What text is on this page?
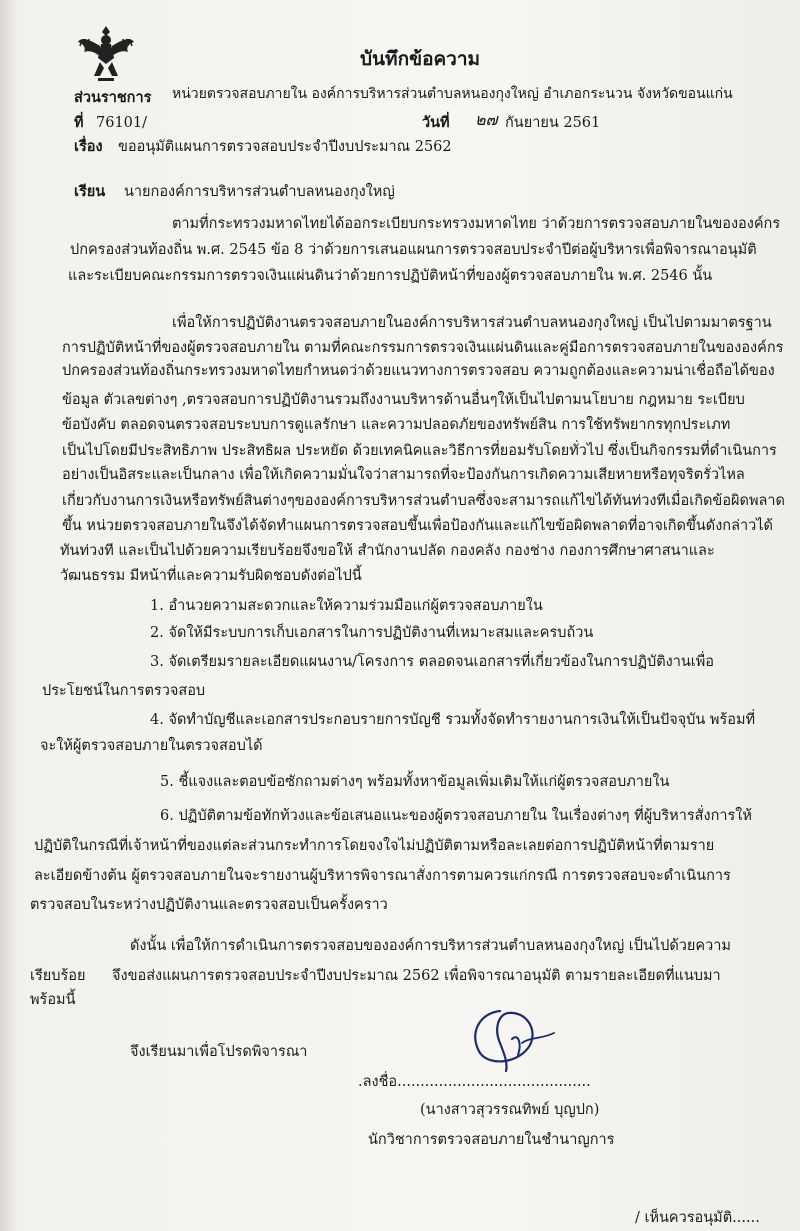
บันทึกข้อความ
ส่วนราชการ หน่วยตรวจสอบภายใน องค์การบริหารส่วนตำบลหนองกุงใหญ่ อำเภอกระนวน จังหวัดขอนแก่น
ที่ 76101/	วันที่ ๒๗ กันยายน 2561
เรื่อง ขออนุมัติแผนการตรวจสอบประจำปีงบประมาณ 2562
เรียน นายกองค์การบริหารส่วนตำบลหนองกุงใหญ่
ตามที่กระทรวงมหาดไทยได้ออกระเบียบกระทรวงมหาดไทย ว่าด้วยการตรวจสอบภายในขององค์กร
ปกครองส่วนท้องถิ่น พ.ศ. 2545 ข้อ 8 ว่าด้วยการเสนอแผนการตรวจสอบประจำปีต่อผู้บริหารเพื่อพิจารณาอนุมัติ
และระเบียบคณะกรรมการตรวจเงินแผ่นดินว่าด้วยการปฏิบัติหน้าที่ของผู้ตรวจสอบภายใน พ.ศ. 2546 นั้น
เพื่อให้การปฏิบัติงานตรวจสอบภายในองค์การบริหารส่วนตำบลหนองกุงใหญ่ เป็นไปตามมาตรฐาน
การปฏิบัติหน้าที่ของผู้ตรวจสอบภายใน ตามที่คณะกรรมการตรวจเงินแผ่นดินและคู่มือการตรวจสอบภายในขององค์กร
ปกครองส่วนท้องถิ่นกระทรวงมหาดไทยกำหนดว่าด้วยแนวทางการตรวจสอบ ความถูกต้องและความน่าเชื่อถือได้ของ
ข้อมูล ตัวเลขต่างๆ ,ตรวจสอบการปฏิบัติงานรวมถึงงานบริหารด้านอื่นๆให้เป็นไปตามนโยบาย กฎหมาย ระเบียบ
ข้อบังคับ ตลอดจนตรวจสอบระบบการดูแลรักษา และความปลอดภัยของทรัพย์สิน การใช้ทรัพยากรทุกประเภท
เป็นไปโดยมีประสิทธิภาพ ประสิทธิผล ประหยัด ด้วยเทคนิคและวิธีการที่ยอมรับโดยทั่วไป ซึ่งเป็นกิจกรรมที่ดำเนินการ
อย่างเป็นอิสระและเป็นกลาง เพื่อให้เกิดความมั่นใจว่าสามารถที่จะป้องกันการเกิดความเสียหายหรือทุจริตรั่วไหล
เกี่ยวกับงานการเงินหรือทรัพย์สินต่างๆขององค์การบริหารส่วนตำบลซึ่งจะสามารถแก้ไขได้ทันท่วงทีเมื่อเกิดข้อผิดพลาด
ขึ้น หน่วยตรวจสอบภายในจึงได้จัดทำแผนการตรวจสอบขึ้นเพื่อป้องกันและแก้ไขข้อผิดพลาดที่อาจเกิดขึ้นดังกล่าวได้
ทันท่วงที และเป็นไปด้วยความเรียบร้อยจึงขอให้ สำนักงานปลัด กองคลัง กองช่าง กองการศึกษาศาสนาและ
วัฒนธรรม มีหน้าที่และความรับผิดชอบดังต่อไปนี้
1. อำนวยความสะดวกและให้ความร่วมมือแก่ผู้ตรวจสอบภายใน
2. จัดให้มีระบบการเก็บเอกสารในการปฏิบัติงานที่เหมาะสมและครบถ้วน
3. จัดเตรียมรายละเอียดแผนงาน/โครงการ ตลอดจนเอกสารที่เกี่ยวข้องในการปฏิบัติงานเพื่อ
ประโยชน์ในการตรวจสอบ
4. จัดทำบัญชีและเอกสารประกอบรายการบัญชี รวมทั้งจัดทำรายงานการเงินให้เป็นปัจจุบัน พร้อมที่
จะให้ผู้ตรวจสอบภายในตรวจสอบได้
5. ชี้แจงและตอบข้อซักถามต่างๆ พร้อมทั้งหาข้อมูลเพิ่มเติมให้แก่ผู้ตรวจสอบภายใน
6. ปฏิบัติตามข้อทักท้วงและข้อเสนอแนะของผู้ตรวจสอบภายใน ในเรื่องต่างๆ ที่ผู้บริหารสั่งการให้
ปฏิบัติในกรณีที่เจ้าหน้าที่ของแต่ละส่วนกระทำการโดยจงใจไม่ปฏิบัติตามหรือละเลยต่อการปฏิบัติหน้าที่ตามราย
ละเอียดข้างต้น ผู้ตรวจสอบภายในจะรายงานผู้บริหารพิจารณาสั่งการตามควรแก่กรณี การตรวจสอบจะดำเนินการ
ตรวจสอบในระหว่างปฏิบัติงานและตรวจสอบเป็นครั้งคราว
ดังนั้น เพื่อให้การดำเนินการตรวจสอบขององค์การบริหารส่วนตำบลหนองกุงใหญ่ เป็นไปด้วยความ
เรียบร้อย จึงขอส่งแผนการตรวจสอบประจำปีงบประมาณ 2562 เพื่อพิจารณาอนุมัติ ตามรายละเอียดที่แนบมา
พร้อมนี้
จึงเรียนมาเพื่อโปรดพิจารณา
.ลงชื่อ..........................................
(นางสาวสุวรรณทิพย์ บุญปก)
นักวิชาการตรวจสอบภายในชำนาญการ
/ เห็นควรอนุมัติ......
